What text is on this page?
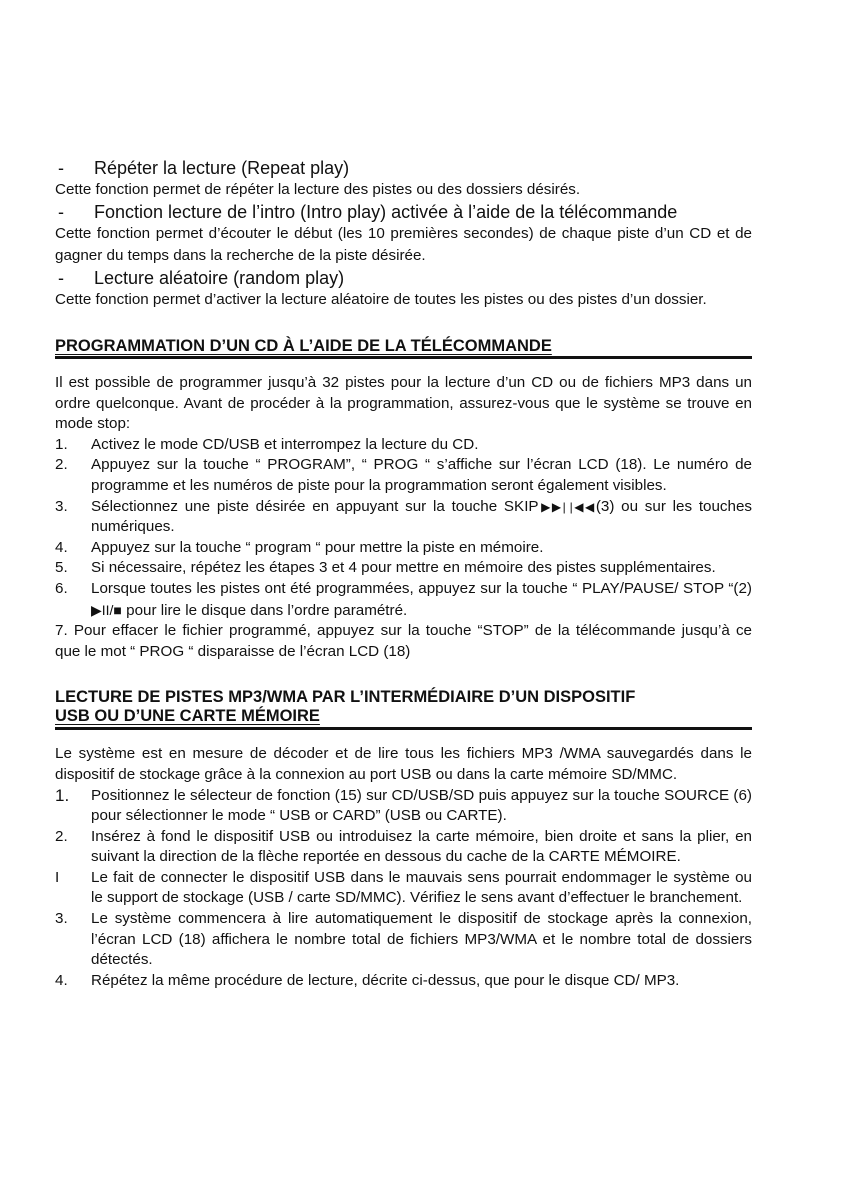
- Répéter la lecture (Repeat play)
Cette fonction permet de répéter la lecture des pistes ou des dossiers désirés.
- Fonction lecture de l’intro (Intro play) activée à l’aide de la télécommande
Cette fonction permet d’écouter le début (les 10 premières secondes) de chaque piste d’un CD et de gagner du temps dans la recherche de la piste désirée.
- Lecture aléatoire (random play)
Cette fonction permet d’activer la lecture aléatoire de toutes les pistes ou des pistes d’un dossier.
PROGRAMMATION D’UN CD À L’AIDE DE LA TÉLÉCOMMANDE
Il est possible de programmer jusqu’à 32 pistes pour la lecture d’un CD ou de fichiers MP3 dans un ordre quelconque. Avant de procéder à la programmation, assurez-vous que le système se trouve en mode stop:
1. Activez le mode CD/USB et interrompez la lecture du CD.
2. Appuyez sur la touche “ PROGRAM”, “ PROG “ s’affiche sur l’écran LCD (18). Le numéro de programme et les numéros de piste pour la programmation seront également visibles.
3. Sélectionnez une piste désirée en appuyant sur la touche SKIP▶▶| |◀◀(3) ou sur les touches numériques.
4. Appuyez sur la touche “ program “ pour mettre la piste en mémoire.
5. Si nécessaire, répétez les étapes 3 et 4 pour mettre en mémoire des pistes supplémentaires.
6. Lorsque toutes les pistes ont été programmées, appuyez sur la touche “ PLAY/PAUSE/ STOP “(2) ▶II/■ pour lire le disque dans l’ordre paramétré.
7. Pour effacer le fichier programmé, appuyez sur la touche “STOP” de la télécommande jusqu’à ce que le mot “ PROG “ disparaisse de l’écran LCD (18)
LECTURE DE PISTES MP3/WMA PAR L’INTERMÉDIAIRE D’UN DISPOSITIF
USB OU D’UNE CARTE MÉMOIRE
Le système est en mesure de décoder et de lire tous les fichiers MP3 /WMA sauvegardés dans le dispositif de stockage grâce à la connexion au port USB ou dans la carte mémoire SD/MMC.
1. Positionnez le sélecteur de fonction (15) sur CD/USB/SD puis appuyez sur la touche SOURCE (6) pour sélectionner le mode “ USB or CARD” (USB ou CARTE).
2. Insérez à fond le dispositif USB ou introduisez la carte mémoire, bien droite et sans la plier, en suivant la direction de la flèche reportée en dessous du cache de la CARTE MÉMOIRE.
I Le fait de connecter le dispositif USB dans le mauvais sens pourrait endommager le système ou le support de stockage (USB / carte SD/MMC). Vérifiez le sens avant d’effectuer le branchement.
3. Le système commencera à lire automatiquement le dispositif de stockage après la connexion, l’écran LCD (18) affichera le nombre total de fichiers MP3/WMA et le nombre total de dossiers détectés.
4. Répétez la même procédure de lecture, décrite ci-dessus, que pour le disque CD/ MP3.
